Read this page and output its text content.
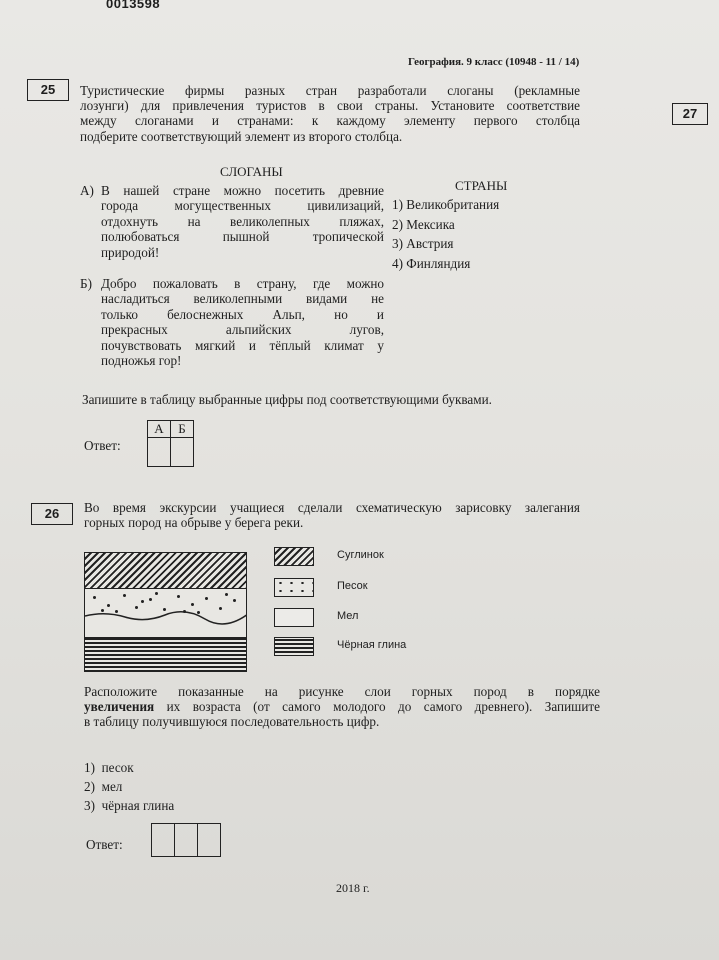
0013598
География. 9 класс (10948 - 11 / 14)
27
25	Туристические фирмы разных стран разработали слоганы (рекламные
лозунги) для привлечения туристов в свои страны. Установите соответствие
между слоганами и странами: к каждому элементу первого столбца
подберите соответствующий элемент из второго столбца.
СЛОГАНЫ
СТРАНЫ
А) В нашей стране можно посетить древние
города могущественных цивилизаций,
отдохнуть на великолепных пляжах,
полюбоваться пышной тропической
природой!
Б) Добро пожаловать в страну, где можно
насладиться великолепными видами не
только белоснежных Альп, но и
прекрасных альпийских лугов,
почувствовать мягкий и тёплый климат у
подножья гор!
1) Великобритания
2) Мексика
3) Австрия
4) Финляндия
Запишите в таблицу выбранные цифры под соответствующими буквами.
Ответ:
А	Б

26	Во время экскурсии учащиеся сделали схематическую зарисовку залегания
горных пород на обрыве у берега реки.
Суглинок
Песок
Мел
Чёрная глина
Расположите показанные на рисунке слои горных пород в порядке
увеличения их возраста (от самого молодого до самого древнего). Запишите
в таблицу получившуюся последовательность цифр.
1) песок
2) мел
3) чёрная глина
Ответ:

2018 г.
